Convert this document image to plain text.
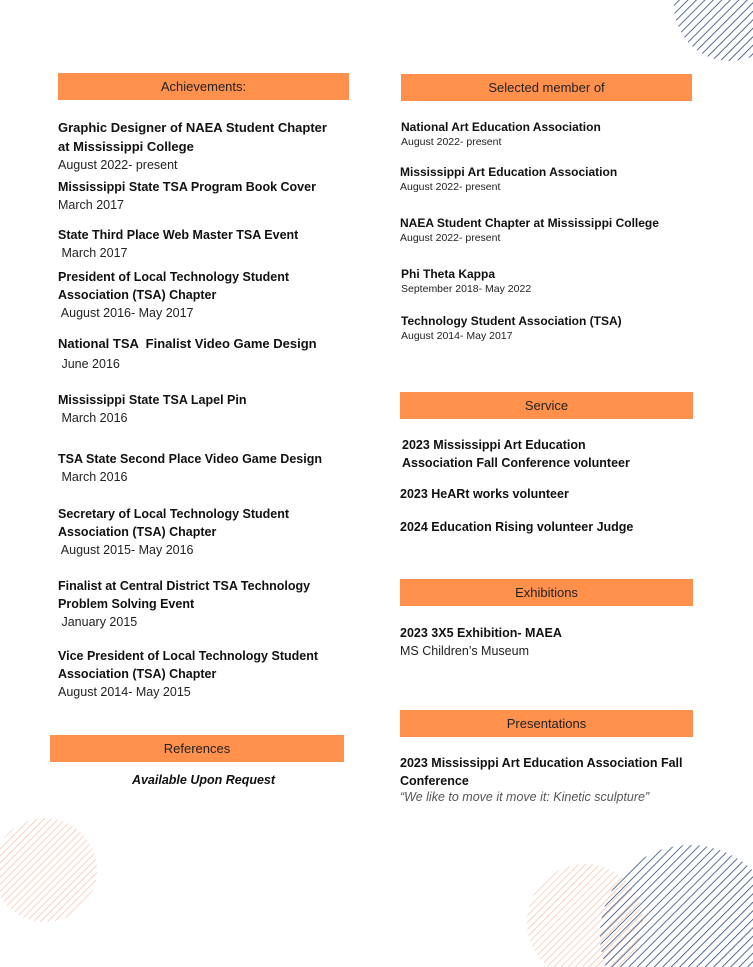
Achievements:
Graphic Designer of NAEA Student Chapter at Mississippi College
August 2022- present
Mississippi State TSA Program Book Cover
March 2017
State Third Place Web Master TSA Event
March 2017
President of Local Technology Student Association (TSA) Chapter
August 2016- May 2017
National TSA  Finalist Video Game Design
June 2016
Mississippi State TSA Lapel Pin
March 2016
TSA State Second Place Video Game Design
March 2016
Secretary of Local Technology Student Association (TSA) Chapter
August 2015- May 2016
Finalist at Central District TSA Technology Problem Solving Event
January 2015
Vice President of Local Technology Student Association (TSA) Chapter
August 2014- May 2015
References
Available Upon Request
Selected member of
National Art Education Association
August 2022- present
Mississippi Art Education Association
August 2022- present
NAEA Student Chapter at Mississippi College
August 2022- present
Phi Theta Kappa
September 2018- May 2022
Technology Student Association (TSA)
August 2014- May 2017
Service
2023 Mississippi Art Education Association Fall Conference volunteer
2023 HeARt works volunteer
2024 Education Rising volunteer Judge
Exhibitions
2023 3X5 Exhibition- MAEA
MS Children’s Museum
Presentations
2023 Mississippi Art Education Association Fall Conference
“We like to move it move it: Kinetic sculpture”
